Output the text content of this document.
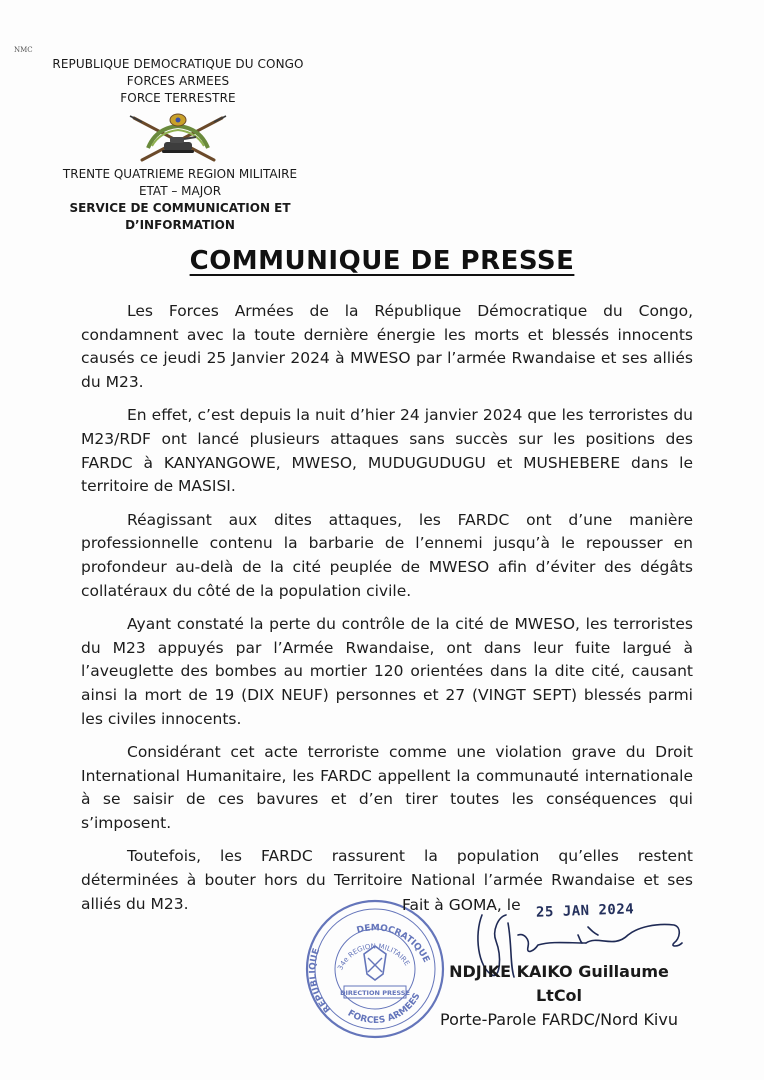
NMC
REPUBLIQUE DEMOCRATIQUE DU CONGO
FORCES ARMEES
FORCE TERRESTRE
TRENTE QUATRIEME REGION MILITAIRE
ETAT – MAJOR
SERVICE DE COMMUNICATION ET
D’INFORMATION
COMMUNIQUE DE PRESSE

Les Forces Armées de la République Démocratique du Congo, condamnent avec la toute dernière énergie les morts et blessés innocents causés ce jeudi 25 Janvier 2024 à MWESO par l’armée Rwandaise et ses alliés du M23.

En effet, c’est depuis la nuit d’hier 24 janvier 2024 que les terroristes du M23/RDF ont lancé plusieurs attaques sans succès sur les positions des FARDC à KANYANGOWE, MWESO, MUDUGUDUGU et MUSHEBERE dans le territoire de MASISI.

Réagissant aux dites attaques, les FARDC ont d’une manière professionnelle contenu la barbarie de l’ennemi jusqu’à le repousser en profondeur au-delà de la cité peuplée de MWESO afin d’éviter des dégâts collatéraux du côté de la population civile.

Ayant constaté la perte du contrôle de la cité de MWESO, les terroristes du M23 appuyés par l’Armée Rwandaise, ont dans leur fuite largué à l’aveuglette des bombes au mortier 120 orientées dans la dite cité, causant ainsi la mort de 19 (DIX NEUF) personnes et 27 (VINGT SEPT) blessés parmi les civiles innocents.

Considérant cet acte terroriste comme une violation grave du Droit International Humanitaire, les FARDC appellent la communauté internationale à se saisir de ces bavures et d’en tirer toutes les conséquences qui s’imposent.

Toutefois, les FARDC rassurent la population qu’elles restent déterminées à bouter hors du Territoire National l’armée Rwandaise et ses alliés du M23.

DEMOCRATIQUE
REPUBLIQUE
34e REGION MILITAIRE
DIRECTION PRESSE
FORCES ARMEES
Fait à GOMA, le 25 JAN 2024
NDJIKE KAIKO Guillaume
LtCol
Porte-Parole FARDC/Nord Kivu
